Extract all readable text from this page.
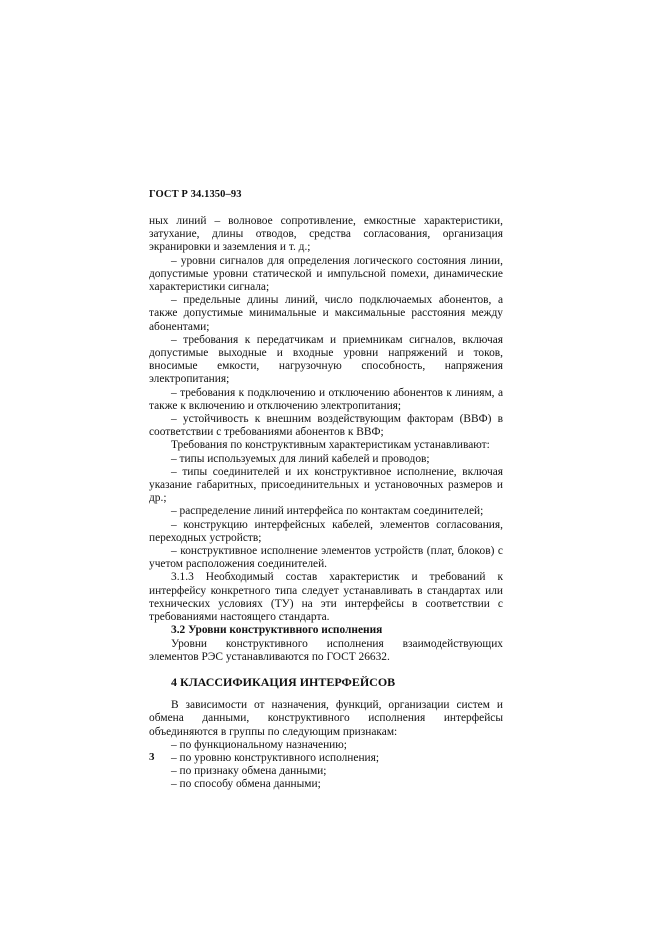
ГОСТ Р 34.1350–93

ных линий – волновое сопротивление, емкостные характеристики, затухание, длины отводов, средства согласования, организация экранировки и заземления и т. д.;

– уровни сигналов для определения логического состояния линии, допустимые уровни статической и импульсной помехи, динамические характеристики сигнала;

– предельные длины линий, число подключаемых абонентов, а также допустимые минимальные и максимальные расстояния между абонентами;

– требования к передатчикам и приемникам сигналов, включая допустимые выходные и входные уровни напряжений и токов, вносимые емкости, нагрузочную способность, напряжения электропитания;

– требования к подключению и отключению абонентов к линиям, а также к включению и отключению электропитания;

– устойчивость к внешним воздействующим факторам (ВВФ) в соответствии с требованиями абонентов к ВВФ;

Требования по конструктивным характеристикам устанавливают:

– типы используемых для линий кабелей и проводов;

– типы соединителей и их конструктивное исполнение, включая указание габаритных, присоединительных и установочных размеров и др.;

– распределение линий интерфейса по контактам соединителей;

– конструкцию интерфейсных кабелей, элементов согласования, переходных устройств;

– конструктивное исполнение элементов устройств (плат, блоков) с учетом расположения соединителей.

3.1.3 Необходимый состав характеристик и требований к интерфейсу конкретного типа следует устанавливать в стандартах или технических условиях (ТУ) на эти интерфейсы в соответствии с требованиями настоящего стандарта.

3.2 Уровни конструктивного исполнения

Уровни конструктивного исполнения взаимодействующих элементов РЭС устанавливаются по ГОСТ 26632.

4 КЛАССИФИКАЦИЯ ИНТЕРФЕЙСОВ

В зависимости от назначения, функций, организации систем и обмена данными, конструктивного исполнения интерфейсы объединяются в группы по следующим признакам:

– по функциональному назначению;

– по уровню конструктивного исполнения;

– по признаку обмена данными;

– по способу обмена данными;

3
